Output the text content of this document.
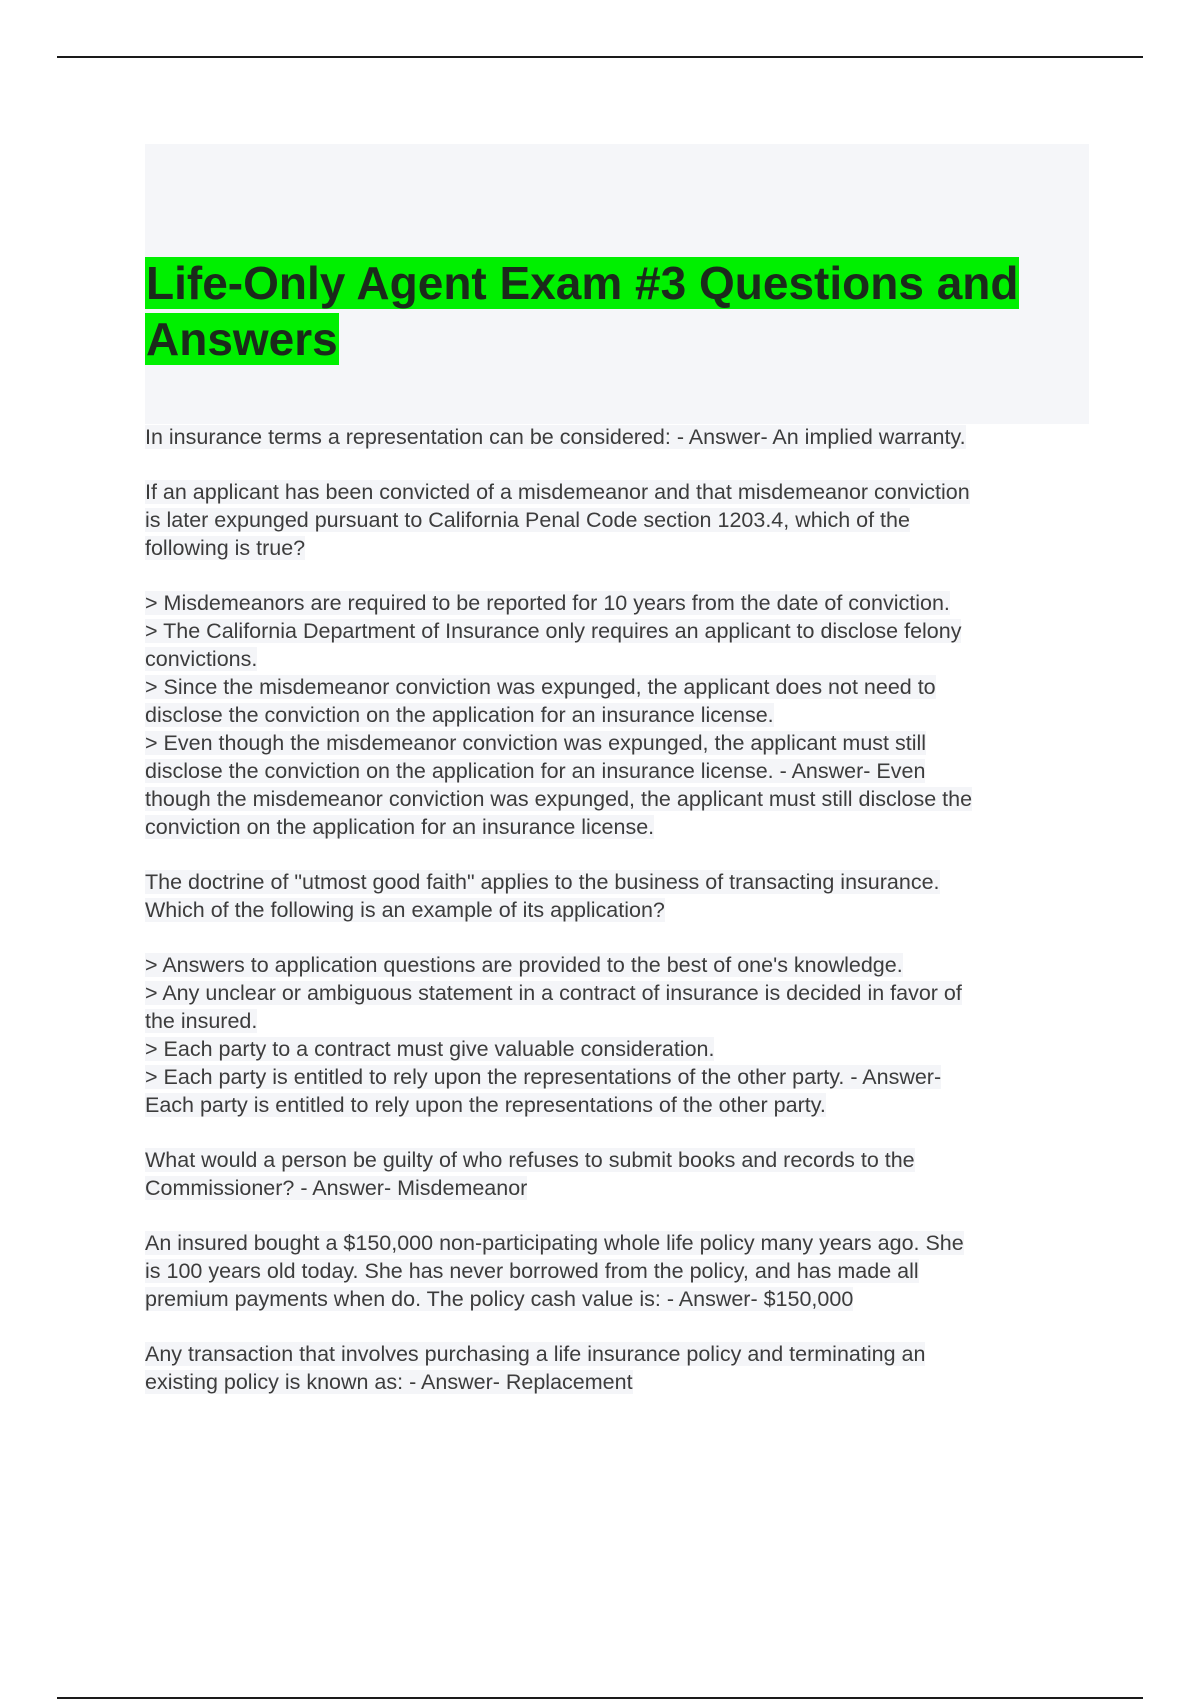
Life-Only Agent Exam #3 Questions and
Answers
In insurance terms a representation can be considered: - Answer- An implied warranty.
If an applicant has been convicted of a misdemeanor and that misdemeanor conviction
is later expunged pursuant to California Penal Code section 1203.4, which of the
following is true?
> Misdemeanors are required to be reported for 10 years from the date of conviction.
> The California Department of Insurance only requires an applicant to disclose felony
convictions.
> Since the misdemeanor conviction was expunged, the applicant does not need to
disclose the conviction on the application for an insurance license.
> Even though the misdemeanor conviction was expunged, the applicant must still
disclose the conviction on the application for an insurance license. - Answer- Even
though the misdemeanor conviction was expunged, the applicant must still disclose the
conviction on the application for an insurance license.
The doctrine of "utmost good faith" applies to the business of transacting insurance.
Which of the following is an example of its application?
> Answers to application questions are provided to the best of one's knowledge.
> Any unclear or ambiguous statement in a contract of insurance is decided in favor of
the insured.
> Each party to a contract must give valuable consideration.
> Each party is entitled to rely upon the representations of the other party. - Answer-
Each party is entitled to rely upon the representations of the other party.
What would a person be guilty of who refuses to submit books and records to the
Commissioner? - Answer- Misdemeanor
An insured bought a $150,000 non-participating whole life policy many years ago. She
is 100 years old today. She has never borrowed from the policy, and has made all
premium payments when do. The policy cash value is: - Answer- $150,000
Any transaction that involves purchasing a life insurance policy and terminating an
existing policy is known as: - Answer- Replacement
